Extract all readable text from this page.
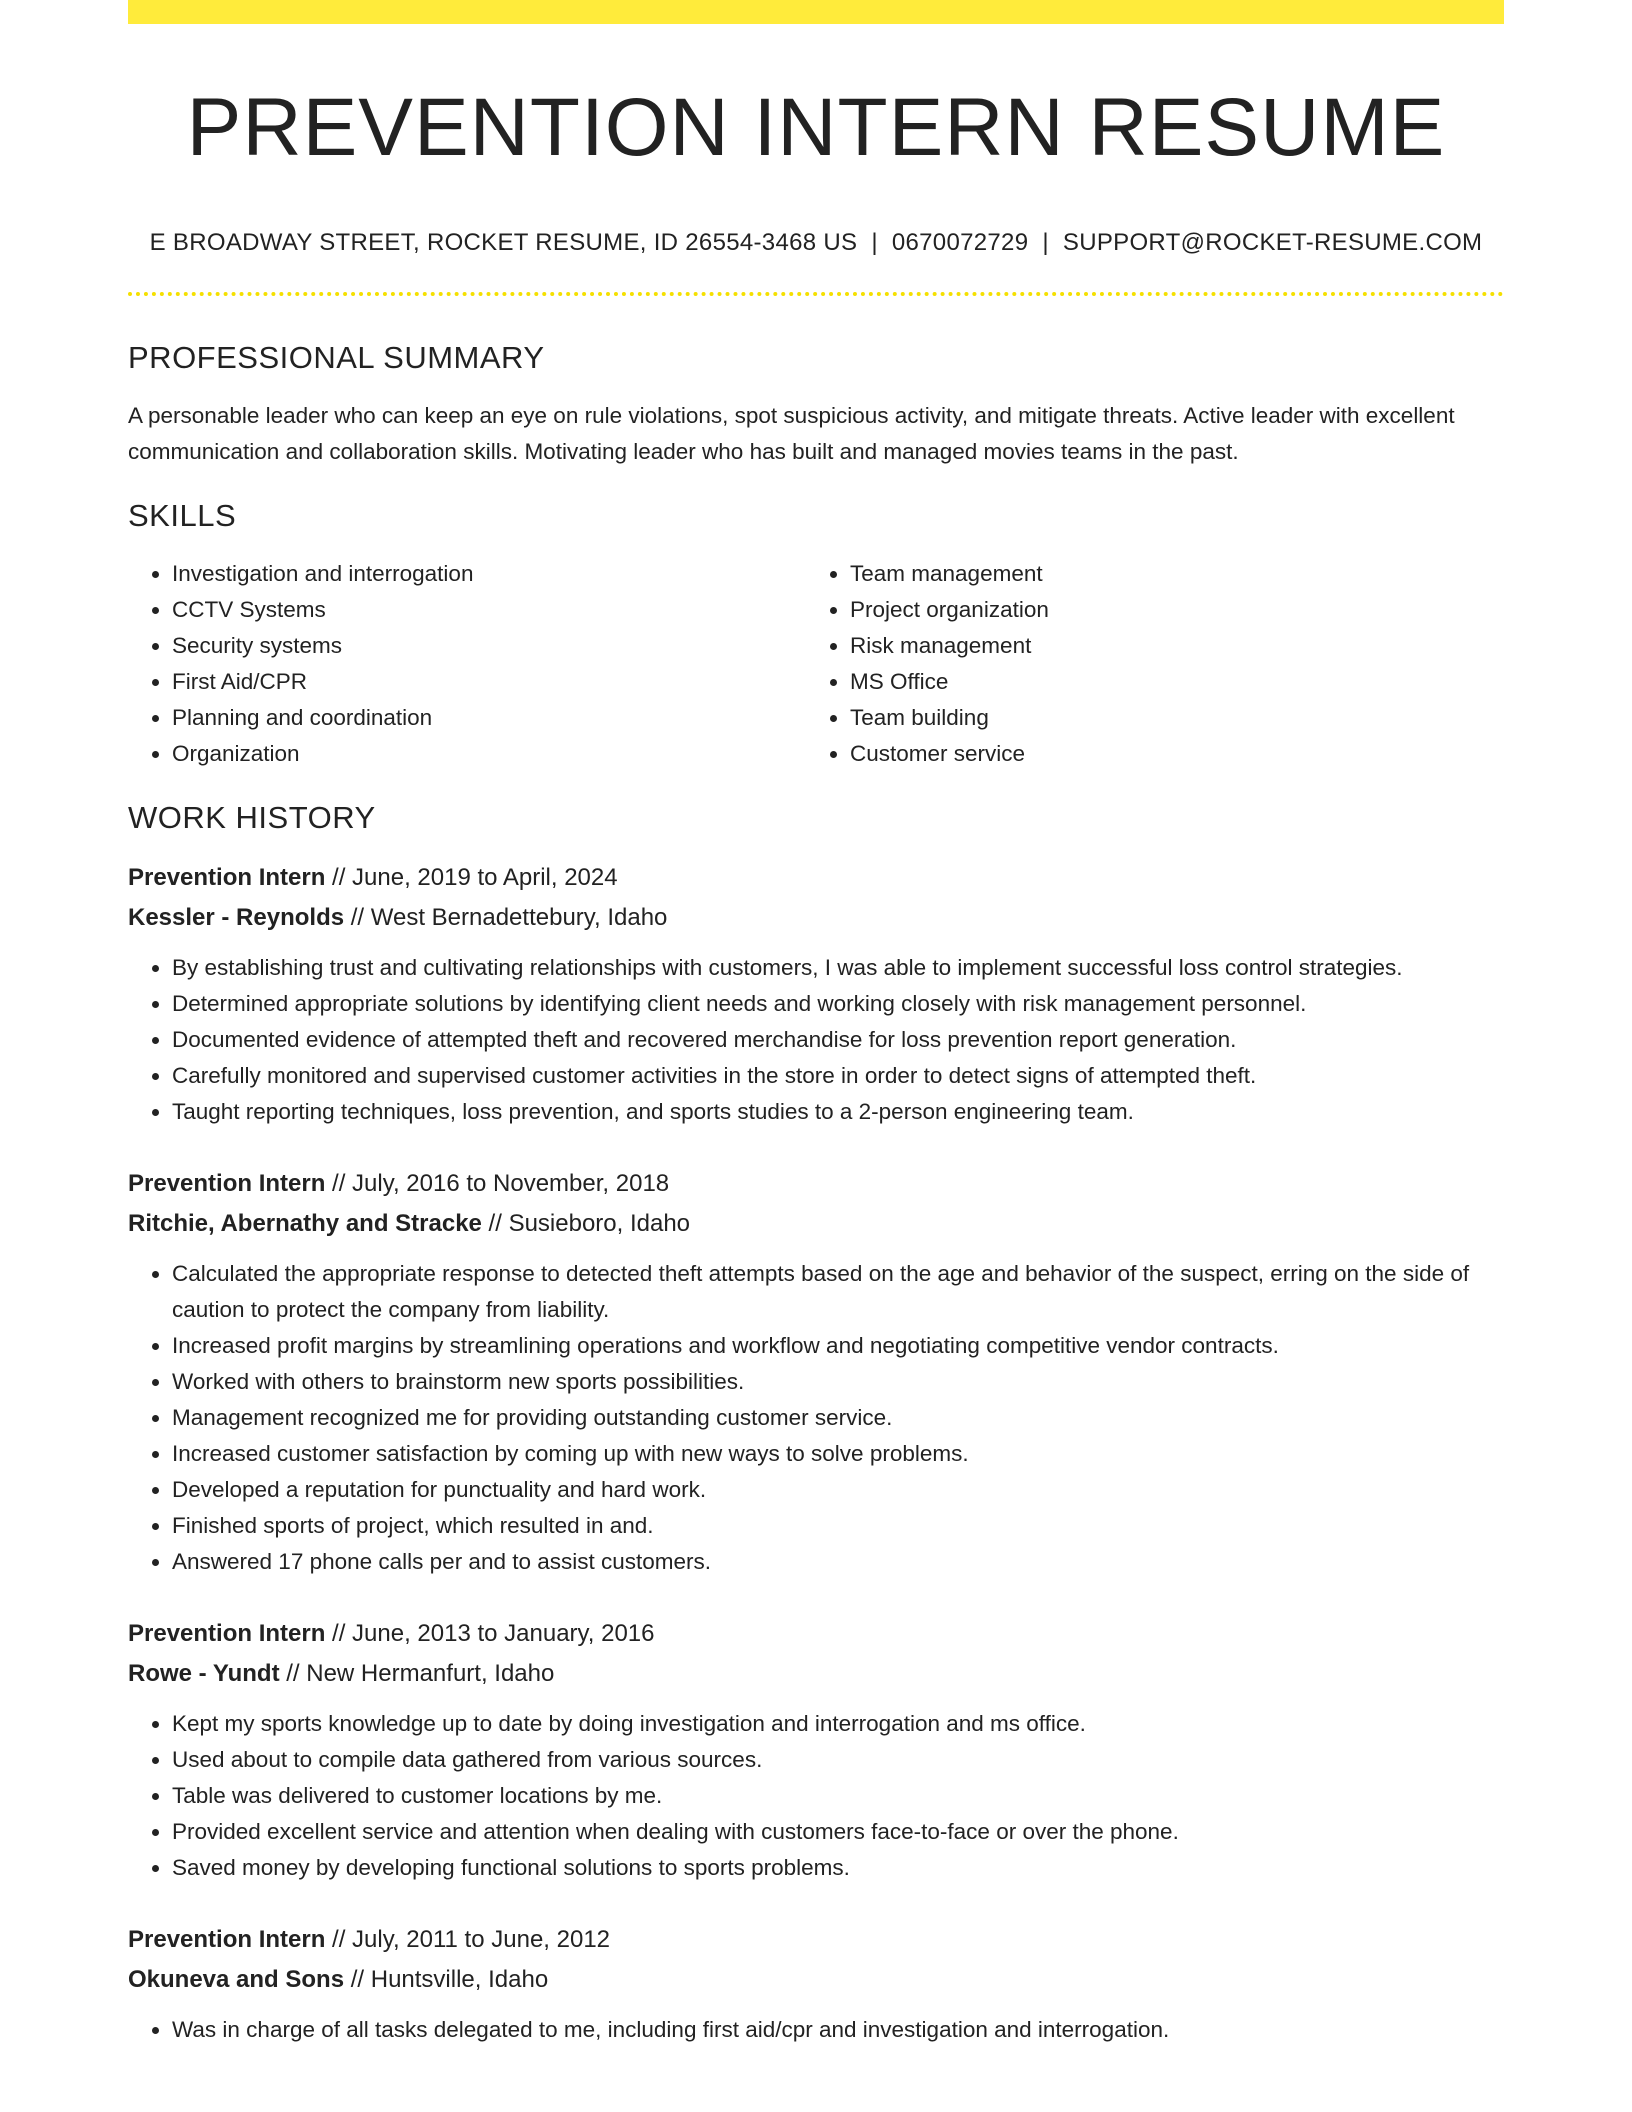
PREVENTION INTERN RESUME
E BROADWAY STREET, ROCKET RESUME, ID 26554-3468 US | 0670072729 | SUPPORT@ROCKET-RESUME.COM
PROFESSIONAL SUMMARY
A personable leader who can keep an eye on rule violations, spot suspicious activity, and mitigate threats. Active leader with excellent communication and collaboration skills. Motivating leader who has built and managed movies teams in the past.
SKILLS
• Investigation and interrogation
• CCTV Systems
• Security systems
• First Aid/CPR
• Planning and coordination
• Organization
• Team management
• Project organization
• Risk management
• MS Office
• Team building
• Customer service
WORK HISTORY
Prevention Intern // June, 2019 to April, 2024
Kessler - Reynolds // West Bernadettebury, Idaho
• By establishing trust and cultivating relationships with customers, I was able to implement successful loss control strategies.
• Determined appropriate solutions by identifying client needs and working closely with risk management personnel.
• Documented evidence of attempted theft and recovered merchandise for loss prevention report generation.
• Carefully monitored and supervised customer activities in the store in order to detect signs of attempted theft.
• Taught reporting techniques, loss prevention, and sports studies to a 2-person engineering team.
Prevention Intern // July, 2016 to November, 2018
Ritchie, Abernathy and Stracke // Susieboro, Idaho
• Calculated the appropriate response to detected theft attempts based on the age and behavior of the suspect, erring on the side of caution to protect the company from liability.
• Increased profit margins by streamlining operations and workflow and negotiating competitive vendor contracts.
• Worked with others to brainstorm new sports possibilities.
• Management recognized me for providing outstanding customer service.
• Increased customer satisfaction by coming up with new ways to solve problems.
• Developed a reputation for punctuality and hard work.
• Finished sports of project, which resulted in and.
• Answered 17 phone calls per and to assist customers.
Prevention Intern // June, 2013 to January, 2016
Rowe - Yundt // New Hermanfurt, Idaho
• Kept my sports knowledge up to date by doing investigation and interrogation and ms office.
• Used about to compile data gathered from various sources.
• Table was delivered to customer locations by me.
• Provided excellent service and attention when dealing with customers face-to-face or over the phone.
• Saved money by developing functional solutions to sports problems.
Prevention Intern // July, 2011 to June, 2012
Okuneva and Sons // Huntsville, Idaho
• Was in charge of all tasks delegated to me, including first aid/cpr and investigation and interrogation.
